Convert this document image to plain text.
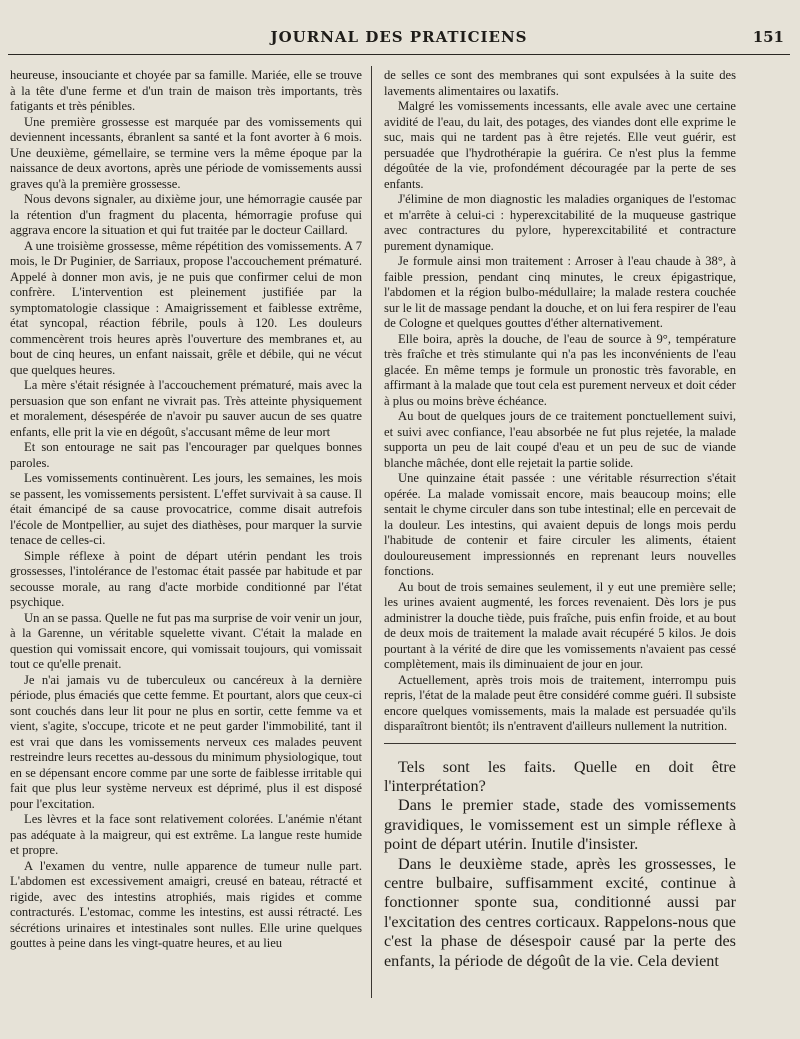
JOURNAL DES PRATICIENS	151

heureuse, insouciante et choyée par sa famille. Mariée, elle se trouve à la tête d'une ferme et d'un train de maison très importants, très fatigants et très pénibles.

Une première grossesse est marquée par des vomissements qui deviennent incessants, ébranlent sa santé et la font avorter à 6 mois. Une deuxième, gémellaire, se termine vers la même époque par la naissance de deux avortons, après une période de vomissements aussi graves qu'à la première grossesse.

Nous devons signaler, au dixième jour, une hémorragie causée par la rétention d'un fragment du placenta, hémorragie profuse qui aggrava encore la situation et qui fut traitée par le docteur Caillard.

A une troisième grossesse, même répétition des vomissements. A 7 mois, le Dr Puginier, de Sarriaux, propose l'accouchement prématuré. Appelé à donner mon avis, je ne puis que confirmer celui de mon confrère. L'intervention est pleinement justifiée par la symptomatologie classique : Amaigrissement et faiblesse extrême, état syncopal, réaction fébrile, pouls à 120. Les douleurs commencèrent trois heures après l'ouverture des membranes et, au bout de cinq heures, un enfant naissait, grêle et débile, qui ne vécut que quelques heures.

La mère s'était résignée à l'accouchement prématuré, mais avec la persuasion que son enfant ne vivrait pas. Très atteinte physiquement et moralement, désespérée de n'avoir pu sauver aucun de ses quatre enfants, elle prit la vie en dégoût, s'accusant même de leur mort

Et son entourage ne sait pas l'encourager par quelques bonnes paroles.

Les vomissements continuèrent. Les jours, les semaines, les mois se passent, les vomissements persistent. L'effet survivait à sa cause. Il était émancipé de sa cause provocatrice, comme disait autrefois l'école de Montpellier, au sujet des diathèses, pour marquer la survie tenace de celles-ci.

Simple réflexe à point de départ utérin pendant les trois grossesses, l'intolérance de l'estomac était passée par habitude et par secousse morale, au rang d'acte morbide conditionné par l'état psychique.

Un an se passa. Quelle ne fut pas ma surprise de voir venir un jour, à la Garenne, un véritable squelette vivant. C'était la malade en question qui vomissait encore, qui vomissait toujours, qui vomissait tout ce qu'elle prenait.

Je n'ai jamais vu de tuberculeux ou cancéreux à la dernière période, plus émaciés que cette femme. Et pourtant, alors que ceux-ci sont couchés dans leur lit pour ne plus en sortir, cette femme va et vient, s'agite, s'occupe, tricote et ne peut garder l'immobilité, tant il est vrai que dans les vomissements nerveux ces malades peuvent restreindre leurs recettes au-dessous du minimum physiologique, tout en se dépensant encore comme par une sorte de faiblesse irritable qui fait que plus leur système nerveux est déprimé, plus il est disposé pour l'excitation.

Les lèvres et la face sont relativement colorées. L'anémie n'étant pas adéquate à la maigreur, qui est extrême. La langue reste humide et propre.

A l'examen du ventre, nulle apparence de tumeur nulle part. L'abdomen est excessivement amaigri, creusé en bateau, rétracté et rigide, avec des intestins atrophiés, mais rigides et comme contracturés. L'estomac, comme les intestins, est aussi rétracté. Les sécrétions urinaires et intestinales sont nulles. Elle urine quelques gouttes à peine dans les vingt-quatre heures, et au lieu

de selles ce sont des membranes qui sont expulsées à la suite des lavements alimentaires ou laxatifs.

Malgré les vomissements incessants, elle avale avec une certaine avidité de l'eau, du lait, des potages, des viandes dont elle exprime le suc, mais qui ne tardent pas à être rejetés. Elle veut guérir, est persuadée que l'hydrothérapie la guérira. Ce n'est plus la femme dégoûtée de la vie, profondément découragée par la perte de ses enfants.

J'élimine de mon diagnostic les maladies organiques de l'estomac et m'arrête à celui-ci : hyperexcitabilité de la muqueuse gastrique avec contractures du pylore, hyperexcitabilité et contracture purement dynamique.

Je formule ainsi mon traitement : Arroser à l'eau chaude à 38°, à faible pression, pendant cinq minutes, le creux épigastrique, l'abdomen et la région bulbo-médullaire; la malade restera couchée sur le lit de massage pendant la douche, et on lui fera respirer de l'eau de Cologne et quelques gouttes d'éther alternativement.

Elle boira, après la douche, de l'eau de source à 9°, température très fraîche et très stimulante qui n'a pas les inconvénients de l'eau glacée. En même temps je formule un pronostic très favorable, en affirmant à la malade que tout cela est purement nerveux et doit céder à plus ou moins brève échéance.

Au bout de quelques jours de ce traitement ponctuellement suivi, et suivi avec confiance, l'eau absorbée ne fut plus rejetée, la malade supporta un peu de lait coupé d'eau et un peu de suc de viande blanche mâchée, dont elle rejetait la partie solide.

Une quinzaine était passée : une véritable résurrection s'était opérée. La malade vomissait encore, mais beaucoup moins; elle sentait le chyme circuler dans son tube intestinal; elle en percevait de la douleur. Les intestins, qui avaient depuis de longs mois perdu l'habitude de contenir et faire circuler les aliments, étaient douloureusement impressionnés en reprenant leurs nouvelles fonctions.

Au bout de trois semaines seulement, il y eut une première selle; les urines avaient augmenté, les forces revenaient. Dès lors je pus administrer la douche tiède, puis fraîche, puis enfin froide, et au bout de deux mois de traitement la malade avait récupéré 5 kilos. Je dois pourtant à la vérité de dire que les vomissements n'avaient pas cessé complètement, mais ils diminuaient de jour en jour.

Actuellement, après trois mois de traitement, interrompu puis repris, l'état de la malade peut être considéré comme guéri. Il subsiste encore quelques vomissements, mais la malade est persuadée qu'ils disparaîtront bientôt; ils n'entravent d'ailleurs nullement la nutrition.

Tels sont les faits. Quelle en doit être l'interprétation?

Dans le premier stade, stade des vomissements gravidiques, le vomissement est un simple réflexe à point de départ utérin. Inutile d'insister.

Dans le deuxième stade, après les grossesses, le centre bulbaire, suffisamment excité, continue à fonctionner sponte sua, conditionné aussi par l'excitation des centres corticaux. Rappelons-nous que c'est la phase de désespoir causé par la perte des enfants, la période de dégoût de la vie. Cela devient
